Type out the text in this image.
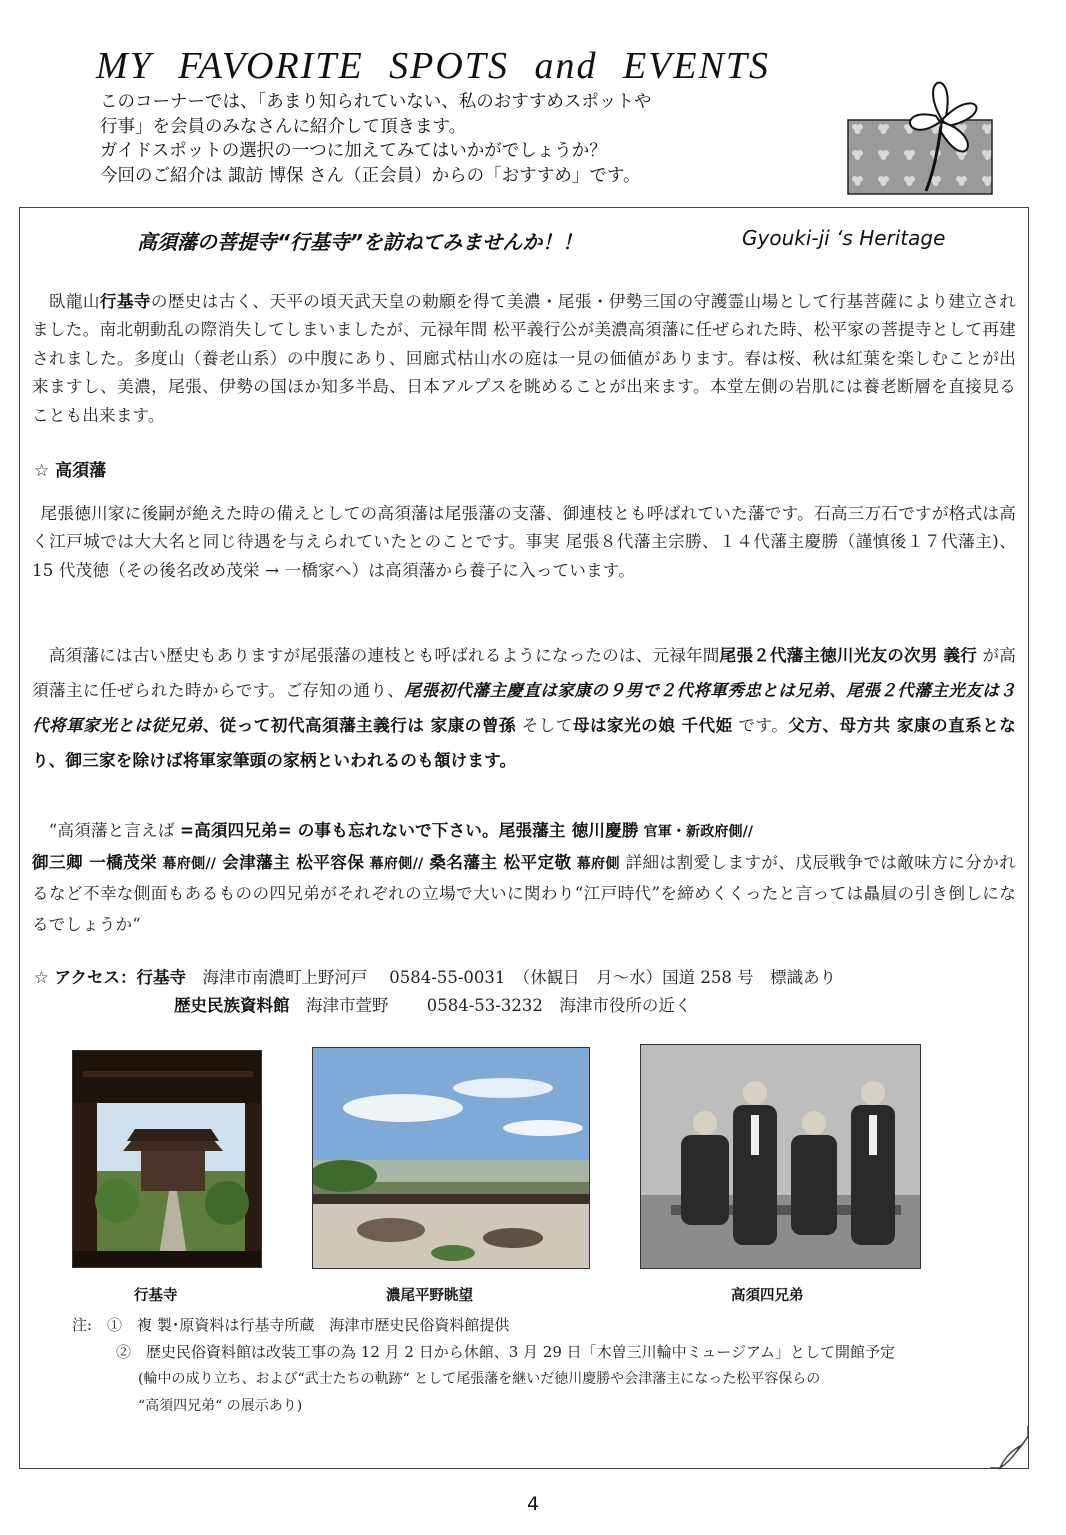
MY FAVORITE SPOTS and EVENTS
このコーナーでは、「あまり知られていない、私のおすすめスポットや
行事」を会員のみなさんに紹介して頂きます。
ガイドスポットの選択の一つに加えてみてはいかがでしょうか？
今回のご紹介は 諏訪 博保 さん（正会員）からの「おすすめ」です。
高須藩の菩提寺“行基寺”を訪ねてみませんか！！	Gyouki-ji ‘s Heritage
　臥龍山行基寺の歴史は古く、天平の頃天武天皇の勅願を得て美濃・尾張・伊勢三国の守護霊山場として行基菩薩により建立されました。南北朝動乱の際消失してしまいましたが、元禄年間 松平義行公が美濃高須藩に任ぜられた時、松平家の菩提寺として再建されました。多度山（養老山系）の中腹にあり、回廊式枯山水の庭は一見の価値があります。春は桜、秋は紅葉を楽しむことが出来ますし、美濃，尾張、伊勢の国ほか知多半島、日本アルプスを眺めることが出来ます。本堂左側の岩肌には養老断層を直接見ることも出来ます。
☆ 高須藩
 尾張徳川家に後嗣が絶えた時の備えとしての高須藩は尾張藩の支藩、御連枝とも呼ばれていた藩です。石高三万石ですが格式は高く江戸城では大大名と同じ待遇を与えられていたとのことです。事実 尾張８代藩主宗勝、１４代藩主慶勝（謹慎後１７代藩主)、15 代茂徳（その後名改め茂栄 → 一橋家へ）は高須藩から養子に入っています。
　高須藩には古い歴史もありますが尾張藩の連枝とも呼ばれるようになったのは、元禄年間尾張２代藩主徳川光友の次男 義行 が高須藩主に任ぜられた時からです。ご存知の通り、尾張初代藩主慶直は家康の９男で２代将軍秀忠とは兄弟、尾張２代藩主光友は３代将軍家光とは従兄弟、従って初代高須藩主義行は 家康の曾孫 そして母は家光の娘 千代姫 です。父方、母方共 家康の直系となり、御三家を除けば将軍家筆頭の家柄といわれるのも頷けます。
　“高須藩と言えば =高須四兄弟= の事も忘れないで下さい。尾張藩主 徳川慶勝 官軍・新政府側//
御三卿 一橋茂栄 幕府側// 会津藩主 松平容保 幕府側// 桑名藩主 松平定敬 幕府側 詳細は割愛しますが、戊辰戦争では敵味方に分かれるなど不幸な側面もあるものの四兄弟がそれぞれの立場で大いに関わり“江戸時代”を締めくくったと言っては贔屓の引き倒しになるでしょうか“
☆ アクセス：行基寺　海津市南濃町上野河戸　 0584-55-0031　（休観日　月～水）国道 258 号　標識あり
歴史民族資料館　海津市萱野　　 0584-53-3232　海津市役所の近く
行基寺	濃尾平野眺望	高須四兄弟
注:　①　複 製･原資料は行基寺所蔵　海津市歴史民俗資料館提供
②　歴史民俗資料館は改装工事の為 12 月 2 日から休館、3 月 29 日「木曽三川輪中ミュージアム」として開館予定
(輪中の成り立ち、および“武士たちの軌跡“ として尾張藩を継いだ徳川慶勝や会津藩主になった松平容保らの
“高須四兄弟“ の展示あり)
4
